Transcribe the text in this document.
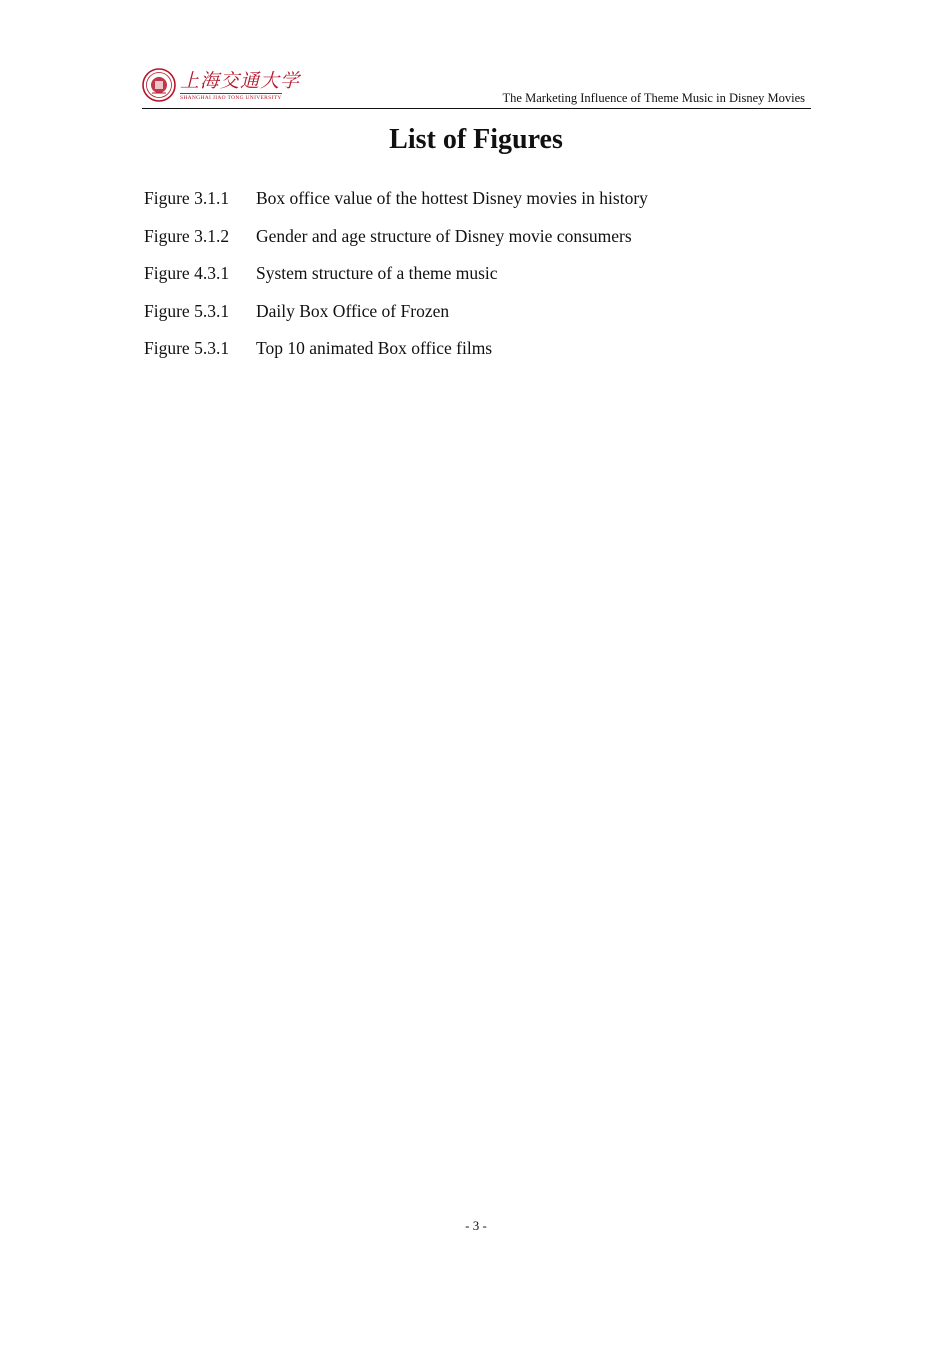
上海交通大学
SHANGHAI JIAO TONG UNIVERSITY	The Marketing Influence of Theme Music in Disney Movies
List of Figures
Figure 3.1.1	Box office value of the hottest Disney movies in history
Figure 3.1.2	Gender and age structure of Disney movie consumers
Figure 4.3.1	System structure of a theme music
Figure 5.3.1	Daily Box Office of Frozen
Figure 5.3.1	Top 10 animated Box office films
- 3 -
